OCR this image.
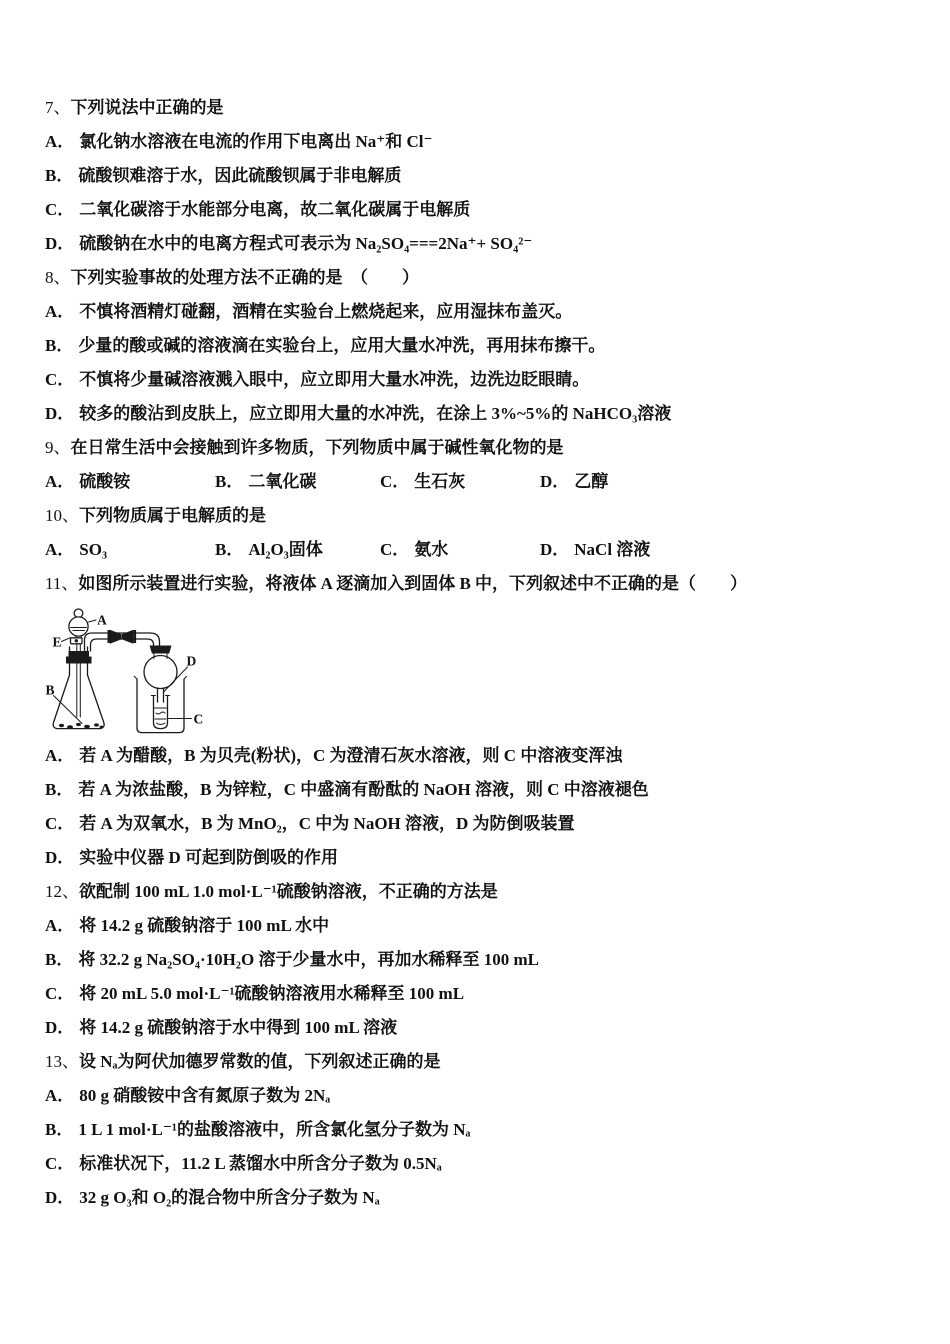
7、下列说法中正确的是
A． 氯化钠水溶液在电流的作用下电离出 Na⁺和 Cl⁻
B． 硫酸钡难溶于水，因此硫酸钡属于非电解质
C． 二氧化碳溶于水能部分电离，故二氧化碳属于电解质
D． 硫酸钠在水中的电离方程式可表示为 Na₂SO₄===2Na⁺+ SO₄²⁻
8、下列实验事故的处理方法不正确的是　（　　）
A． 不慎将酒精灯碰翻，酒精在实验台上燃烧起来，应用湿抹布盖灭。
B． 少量的酸或碱的溶液滴在实验台上，应用大量水冲洗，再用抹布擦干。
C． 不慎将少量碱溶液溅入眼中，应立即用大量水冲洗，边洗边眨眼睛。
D． 较多的酸沾到皮肤上，应立即用大量的水冲洗，在涂上 3%~5%的 NaHCO₃溶液
9、在日常生活中会接触到许多物质，下列物质中属于碱性氧化物的是
A． 硫酸铵	B． 二氧化碳	C． 生石灰	D． 乙醇
10、下列物质属于电解质的是
A． SO₃	B． Al₂O₃固体	C． 氨水	D． NaCl 溶液
11、如图所示装置进行实验，将液体 A 逐滴加入到固体 B 中，下列叙述中不正确的是（　　）
A
E
B
D
C
A． 若 A 为醋酸，B 为贝壳(粉状)，C 为澄清石灰水溶液，则 C 中溶液变浑浊
B． 若 A 为浓盐酸，B 为锌粒，C 中盛滴有酚酞的 NaOH 溶液，则 C 中溶液褪色
C． 若 A 为双氧水，B 为 MnO₂，C 中为 NaOH 溶液，D 为防倒吸装置
D． 实验中仪器 D 可起到防倒吸的作用
12、欲配制 100 mL 1.0 mol·L⁻¹硫酸钠溶液，不正确的方法是
A． 将 14.2 g 硫酸钠溶于 100 mL 水中
B． 将 32.2 g Na₂SO₄·10H₂O 溶于少量水中，再加水稀释至 100 mL
C． 将 20 mL 5.0 mol·L⁻¹硫酸钠溶液用水稀释至 100 mL
D． 将 14.2 g 硫酸钠溶于水中得到 100 mL 溶液
13、设 Nₐ为阿伏加德罗常数的值，下列叙述正确的是
A． 80 g 硝酸铵中含有氮原子数为 2Nₐ
B． 1 L 1 mol·L⁻¹的盐酸溶液中，所含氯化氢分子数为 Nₐ
C． 标准状况下，11.2 L 蒸馏水中所含分子数为 0.5Nₐ
D． 32 g O₃和 O₂的混合物中所含分子数为 Nₐ
